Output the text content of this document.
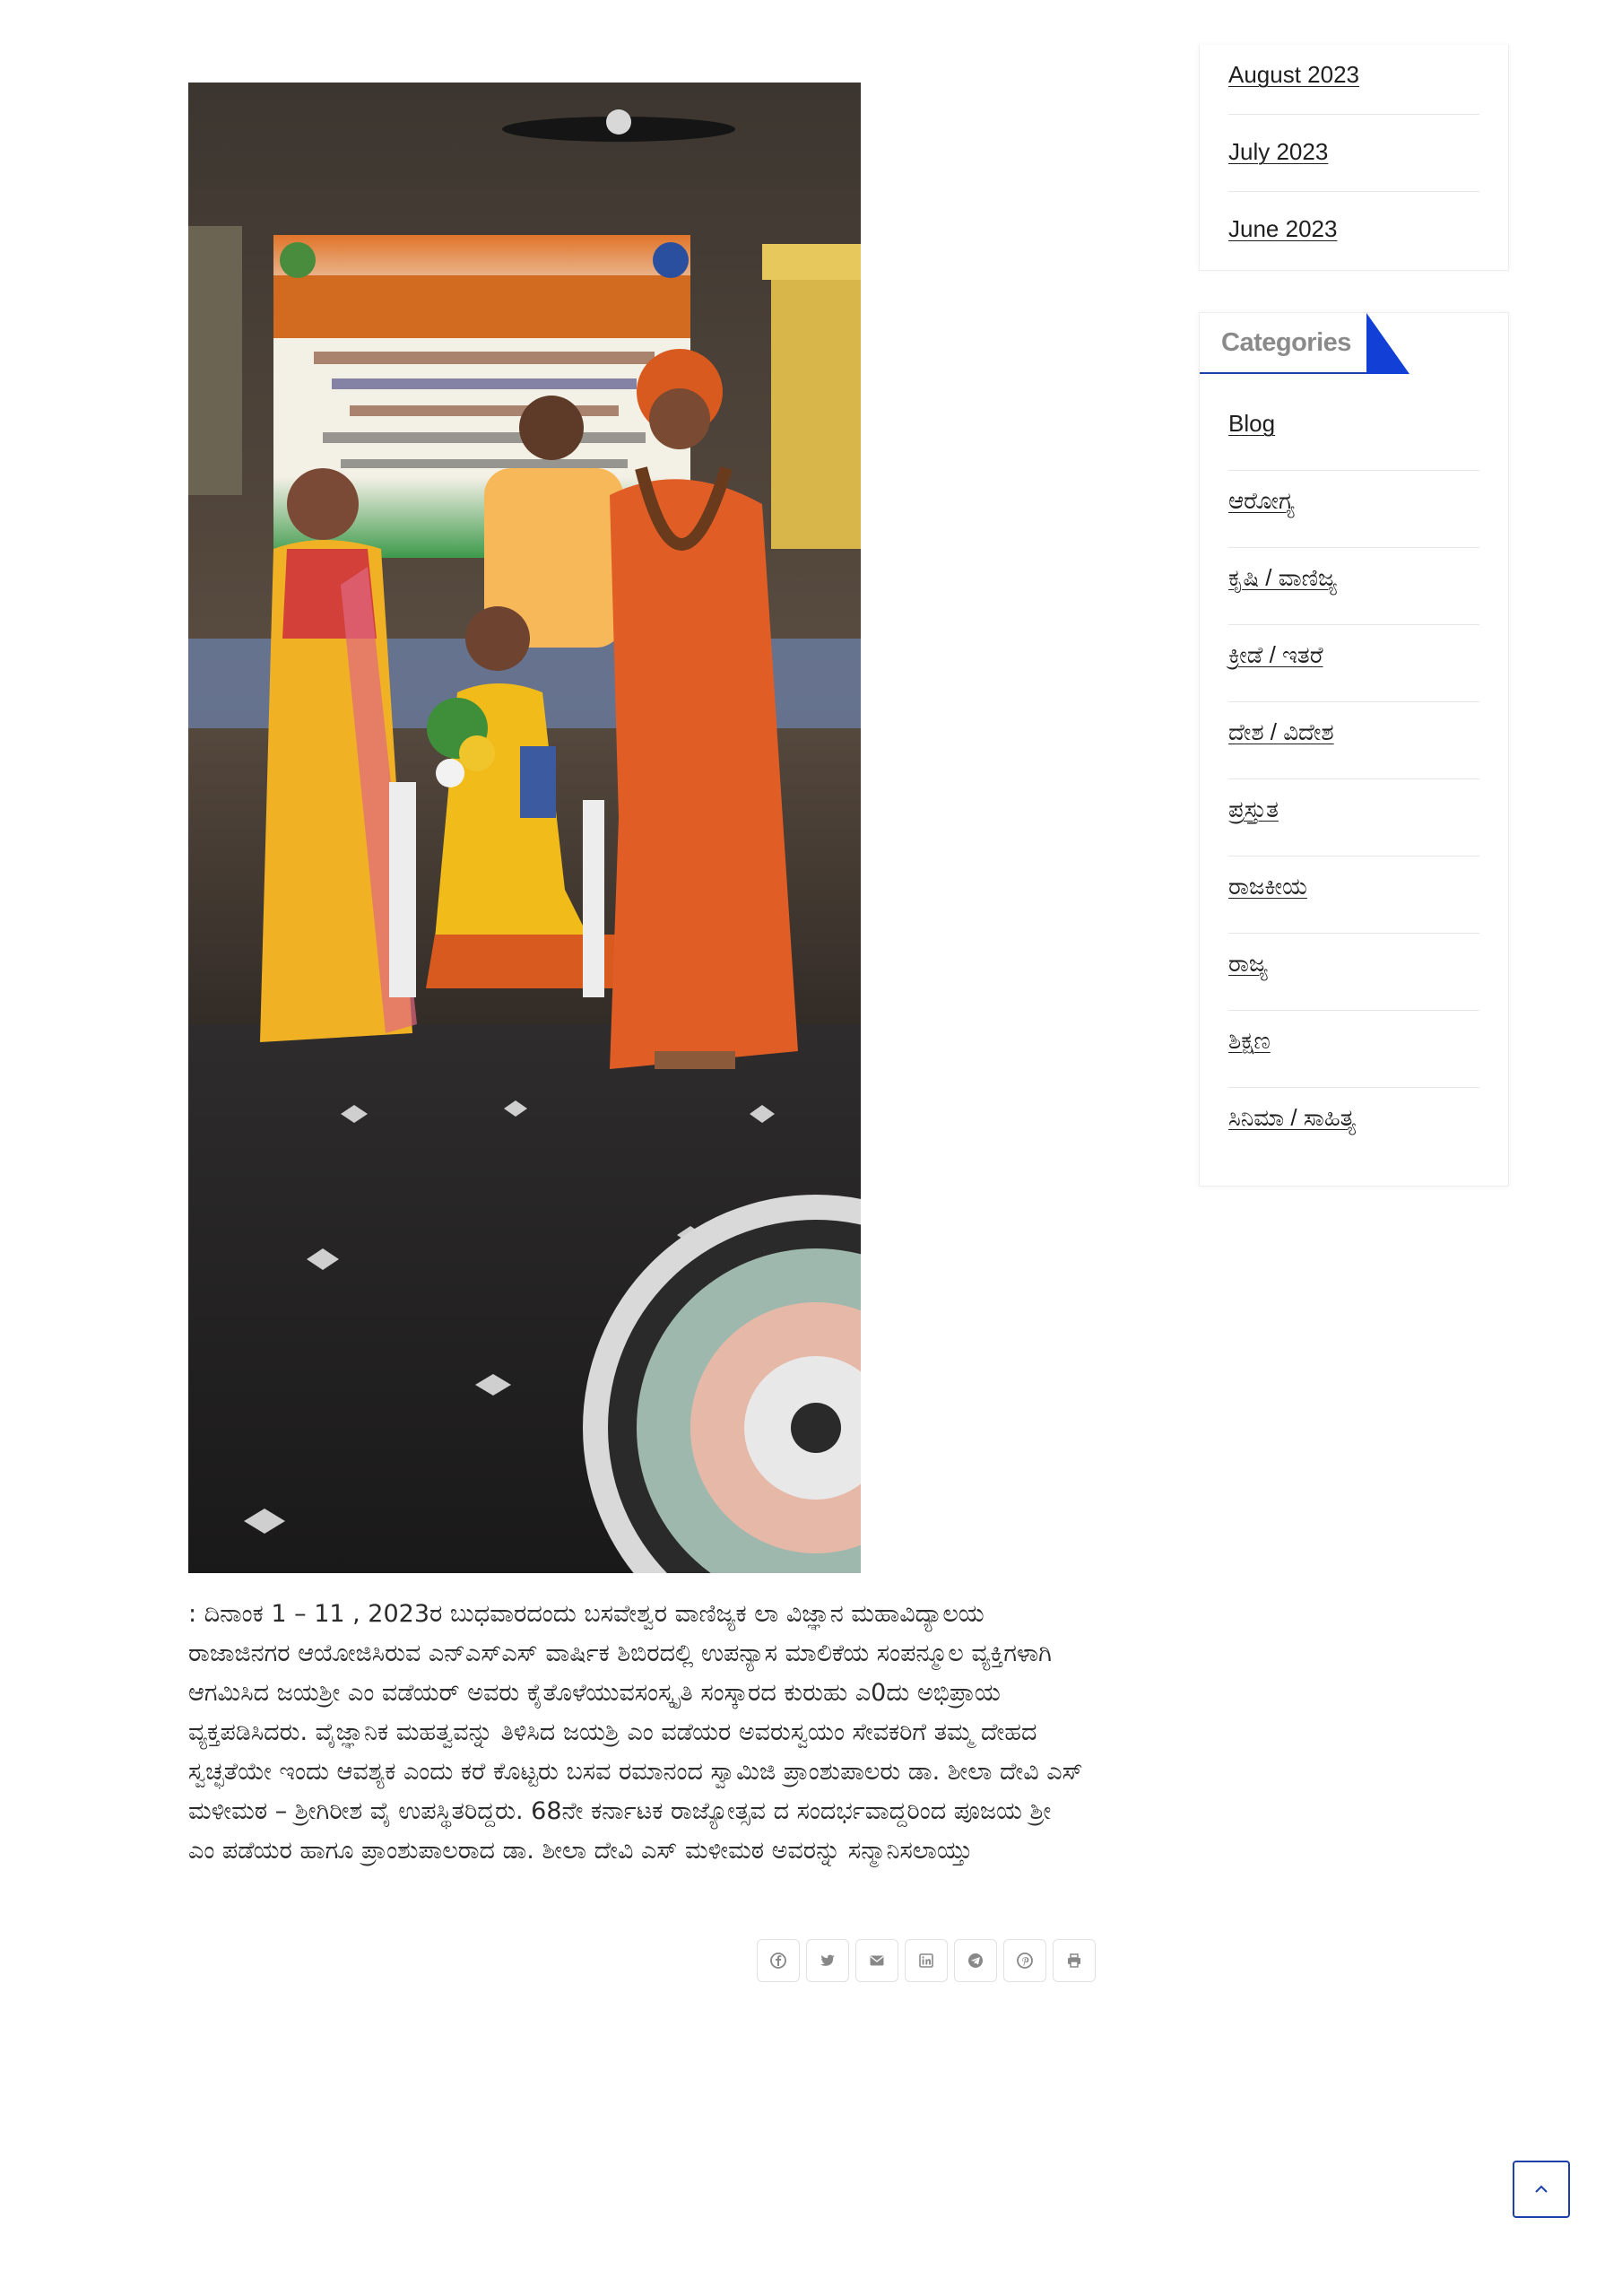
: ದಿನಾಂಕ 1 – 11 , 2023ರ ಬುಧವಾರದಂದು ಬಸವೇಶ್ವರ ವಾಣಿಜ್ಯಕ ಲಾ ವಿಜ್ಞಾನ ಮಹಾವಿದ್ಯಾಲಯ ರಾಜಾಜಿನಗರ ಆಯೋಜಿಸಿರುವ ಎನ್‌ಎಸ್‌ಎಸ್ ವಾರ್ಷಿಕ ಶಿಬಿರದಲ್ಲಿ ಉಪನ್ಯಾಸ ಮಾಲಿಕೆಯ ಸಂಪನ್ಮೂಲ ವ್ಯಕ್ತಿಗಳಾಗಿ ಆಗಮಿಸಿದ ಜಯಶ್ರೀ ಎಂ ವಡೆಯರ್ ಅವರು ಕೈತೊಳೆಯುವಸಂಸ್ಕೃತಿ ಸಂಸ್ಕಾರದ ಕುರುಹು ಎ0ದು ಅಭಿಪ್ರಾಯ ವ್ಯಕ್ತಪಡಿಸಿದರು. ವೈಜ್ಞಾನಿಕ ಮಹತ್ವವನ್ನು ತಿಳಿಸಿದ ಜಯಶ್ರಿ ಎಂ ವಡೆಯರ ಅವರುಸ್ವಯಂ ಸೇವಕರಿಗೆ ತಮ್ಮ ದೇಹದ ಸ್ವಚ್ಛತೆಯೇ ಇಂದು ಆವಶ್ಯಕ ಎಂದು ಕರೆ ಕೊಟ್ಟರು ಬಸವ ರಮಾನಂದ ಸ್ವಾಮಿಜಿ ಪ್ರಾಂಶುಪಾಲರು ಡಾ. ಶೀಲಾ ದೇವಿ ಎಸ್ ಮಳೀಮಠ – ಶ್ರೀಗಿರೀಶ ವೈ ಉಪಸ್ಥಿತರಿದ್ದರು. 68ನೇ ಕರ್ನಾಟಕ ರಾಜ್ಯೋತ್ಸವ ದ ಸಂದರ್ಭವಾದ್ದರಿಂದ ಪೂಜಯ ಶ್ರೀ ಎಂ ಪಡೆಯರ ಹಾಗೂ ಪ್ರಾಂಶುಪಾಲರಾದ ಡಾ. ಶೀಲಾ ದೇವಿ ಎಸ್ ಮಳೀಮಠ ಅವರನ್ನು ಸನ್ಮಾನಿಸಲಾಯ್ತು

August 2023
July 2023
June 2023
Categories
Blog
ಆರೋಗ್ಯ
ಕೃಷಿ / ವಾಣಿಜ್ಯ
ಕ್ರೀಡೆ / ಇತರೆ
ದೇಶ / ವಿದೇಶ
ಪ್ರಸ್ತುತ
ರಾಜಕೀಯ
ರಾಜ್ಯ
ಶಿಕ್ಷಣ
ಸಿನಿಮಾ / ಸಾಹಿತ್ಯ
